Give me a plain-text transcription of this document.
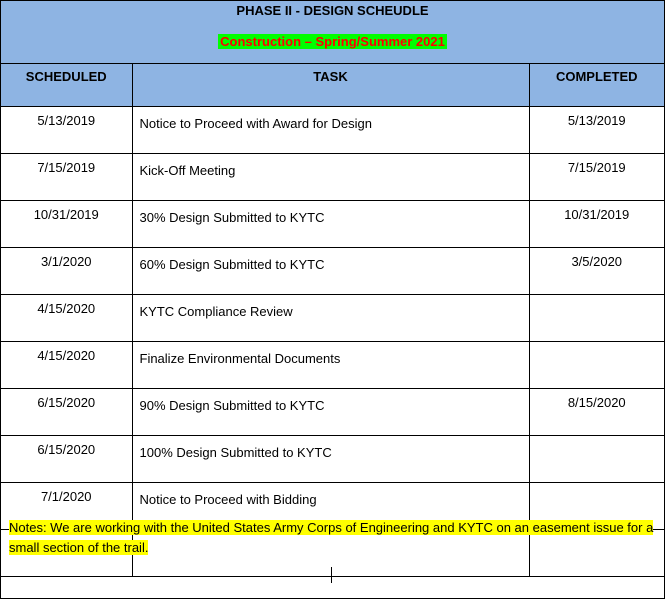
PHASE II - DESIGN SCHEUDLE
Construction – Spring/Summer 2021
SCHEDULED	TASK	COMPLETED
5/13/2019	Notice to Proceed with Award for Design	5/13/2019
7/15/2019	Kick-Off Meeting	7/15/2019
10/31/2019	30% Design Submitted to KYTC	10/31/2019
3/1/2020	60% Design Submitted to KYTC	3/5/2020
4/15/2020	KYTC Compliance Review	
4/15/2020	Finalize Environmental Documents	
6/15/2020	90% Design Submitted to KYTC	8/15/2020
6/15/2020	100% Design Submitted to KYTC	
7/1/2020	Notice to Proceed with Bidding	

Notes: We are working with the United States Army Corps of Engineering and KYTC on an easement issue for a small section of the trail.
